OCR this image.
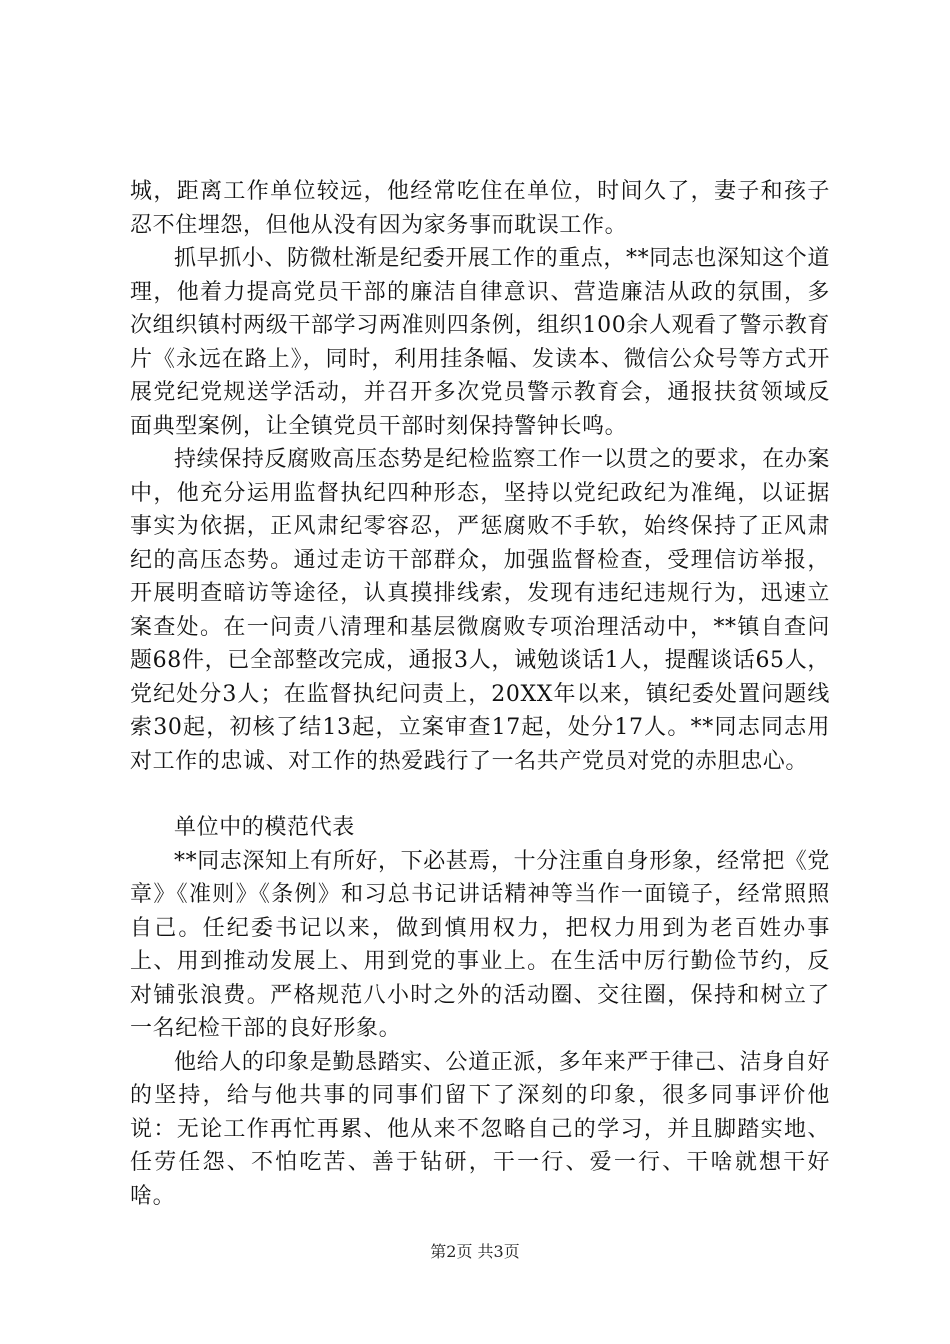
城，距离工作单位较远，他经常吃住在单位，时间久了，妻子和孩子忍不住埋怨，但他从没有因为家务事而耽误工作。

抓早抓小、防微杜渐是纪委开展工作的重点，**同志也深知这个道理，他着力提高党员干部的廉洁自律意识、营造廉洁从政的氛围，多次组织镇村两级干部学习两准则四条例，组织100余人观看了警示教育片《永远在路上》，同时，利用挂条幅、发读本、微信公众号等方式开展党纪党规送学活动，并召开多次党员警示教育会，通报扶贫领域反面典型案例，让全镇党员干部时刻保持警钟长鸣。

持续保持反腐败高压态势是纪检监察工作一以贯之的要求，在办案中，他充分运用监督执纪四种形态，坚持以党纪政纪为准绳，以证据事实为依据，正风肃纪零容忍，严惩腐败不手软，始终保持了正风肃纪的高压态势。通过走访干部群众，加强监督检查，受理信访举报，开展明查暗访等途径，认真摸排线索，发现有违纪违规行为，迅速立案查处。在一问责八清理和基层微腐败专项治理活动中，**镇自查问题68件，已全部整改完成，通报3人，诫勉谈话1人，提醒谈话65人，党纪处分3人；在监督执纪问责上，20XX年以来，镇纪委处置问题线索30起，初核了结13起，立案审查17起，处分17人。**同志同志用对工作的忠诚、对工作的热爱践行了一名共产党员对党的赤胆忠心。

单位中的模范代表

**同志深知上有所好，下必甚焉，十分注重自身形象，经常把《党章》《准则》《条例》和习总书记讲话精神等当作一面镜子，经常照照自己。任纪委书记以来，做到慎用权力，把权力用到为老百姓办事上、用到推动发展上、用到党的事业上。在生活中厉行勤俭节约，反对铺张浪费。严格规范八小时之外的活动圈、交往圈，保持和树立了一名纪检干部的良好形象。

他给人的印象是勤恳踏实、公道正派，多年来严于律己、洁身自好的坚持，给与他共事的同事们留下了深刻的印象，很多同事评价他说：无论工作再忙再累、他从来不忽略自己的学习，并且脚踏实地、任劳任怨、不怕吃苦、善于钻研，干一行、爱一行、干啥就想干好啥。

第2页 共3页
